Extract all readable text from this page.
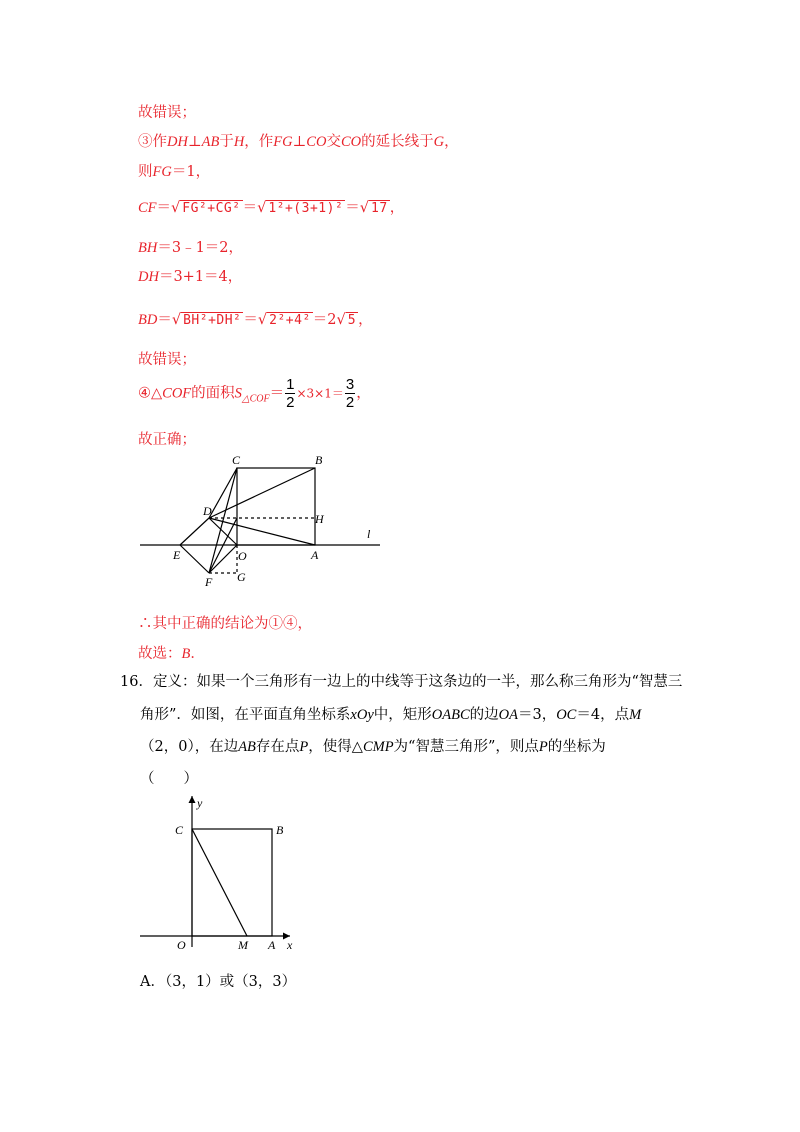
故错误；
③作DH⊥AB于H，作FG⊥CO交CO的延长线于G，
则FG＝1，
CF＝√ FG²+CG² ＝√ 1²+(3+1)² ＝√ 17 ，
BH＝3﹣1＝2，
DH＝3+1＝4，
BD＝√ BH²+DH² ＝√ 2²+4² ＝2√ 5 ，
故错误；
④△COF的面积$S_{\triangle COF}= \frac{1}{2} \times 3\times 1= \frac{3}{2}$ ，
故正确；
C	B
D
H
l
E	O	A
F G
∴其中正确的结论为①④，
故选：B．
16．定义：如果一个三角形有一边上的中线等于这条边的一半，那么称三角形为“智慧三
角形”．如图，在平面直角坐标系xOy中，矩形OABC的边OA＝3，OC＝4，点M
（2，0），在边AB存在点P，使得△CMP为“智慧三角形”，则点P的坐标为
（　　）
y
C	B
O	M A x
A．（3，1）或（3，3）
